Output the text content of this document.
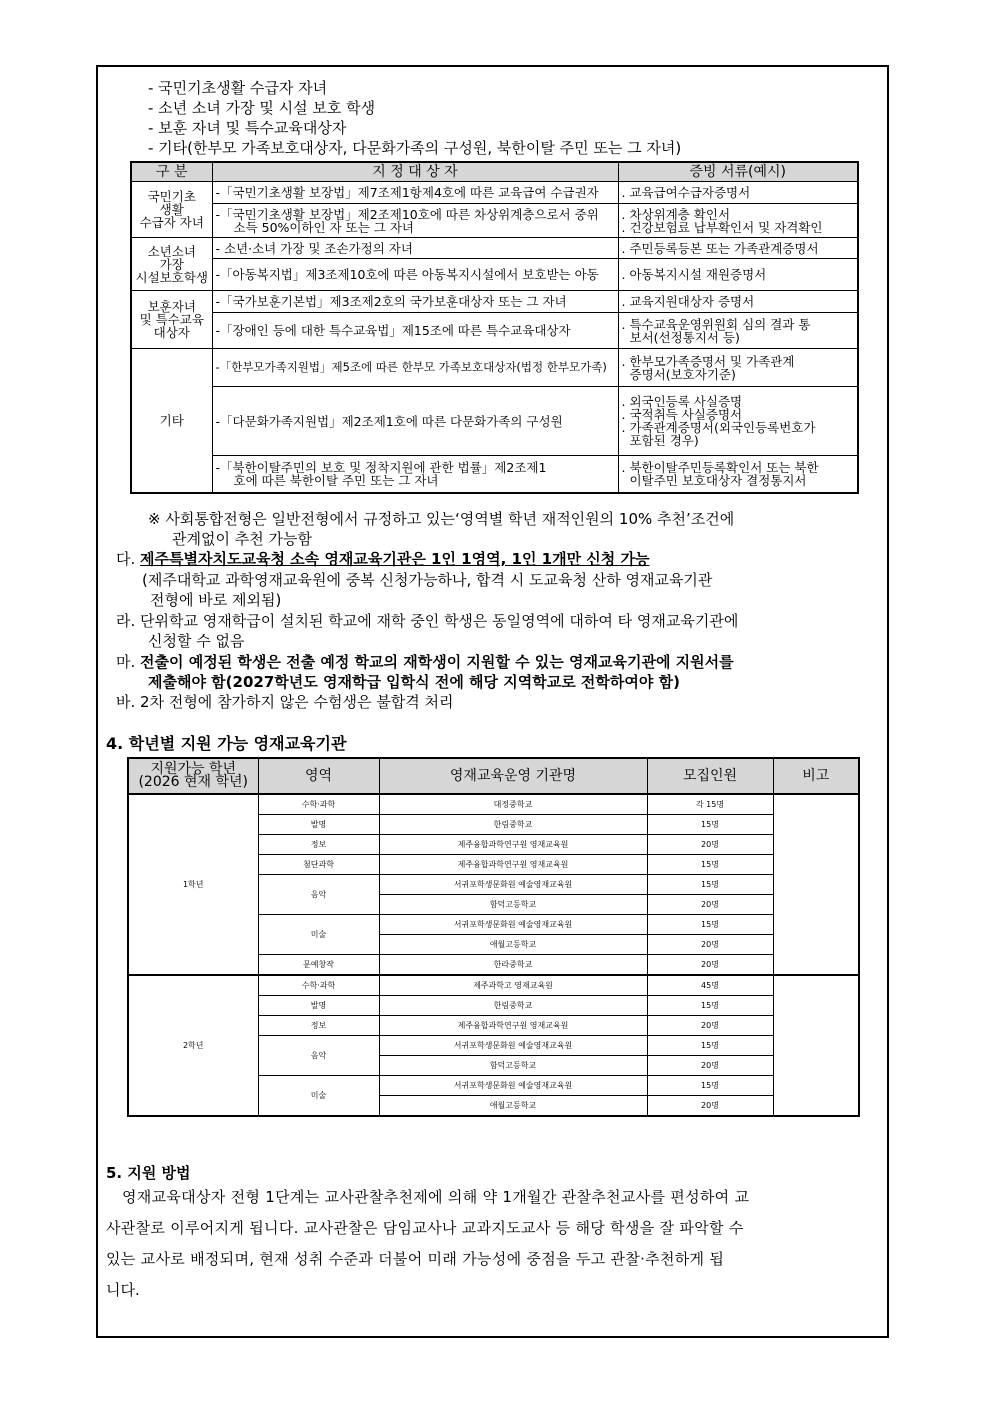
- 국민기초생활 수급자 자녀
- 소년 소녀 가장 및 시설 보호 학생
- 보훈 자녀 및 특수교육대상자
- 기타(한부모 가족보호대상자, 다문화가족의 구성원, 북한이탈 주민 또는 그 자녀)
구 분	지 정 대 상 자	증빙 서류(예시)

국민기초
생활
수급자 자녀	-「국민기초생활 보장법」제7조제1항제4호에 따른 교육급여 수급권자	. 교육급여수급자증명서

	-「국민기초생활 보장법」제2조제10호에 따른 차상위계층으로서 중위
소득 50%이하인 자 또는 그 자녀	. 차상위계층 확인서
. 건강보험료 납부확인서 및 자격확인

소년소녀
가장
시설보호학생	- 소년·소녀 가장 및 조손가정의 자녀	. 주민등록등본 또는 가족관계증명서

	-「아동복지법」제3조제10호에 따른 아동복지시설에서 보호받는 아동	. 아동복지시설 재원증명서

보훈자녀
및 특수교육
대상자	-「국가보훈기본법」제3조제2호의 국가보훈대상자 또는 그 자녀	. 교육지원대상자 증명서

	-「장애인 등에 대한 특수교육법」제15조에 따른 특수교육대상자	. 특수교육운영위원회 심의 결과 통
보서(선정통지서 등)

기타	-「한부모가족지원법」제5조에 따른 한부모 가족보호대상자(법정 한부모가족)	. 한부모가족증명서 및 가족관계
증명서(보호자기준)

	-「다문화가족지원법」제2조제1호에 따른 다문화가족의 구성원	. 외국인등록 사실증명
. 국적취득 사실증명서
. 가족관계증명서(외국인등록번호가
포함된 경우)

	-「북한이탈주민의 보호 및 정착지원에 관한 법률」제2조제1
호에 따른 북한이탈 주민 또는 그 자녀	. 북한이탈주민등록확인서 또는 북한
이탈주민 보호대상자 결정통지서
※ 사회통합전형은 일반전형에서 규정하고 있는‘영역별 학년 재적인원의 10% 추천’조건에
관계없이 추천 가능함
다. 제주특별자치도교육청 소속 영재교육기관은 1인 1영역, 1인 1개만 신청 가능
(제주대학교 과학영재교육원에 중복 신청가능하나, 합격 시 도교육청 산하 영재교육기관
전형에 바로 제외됨)
라. 단위학교 영재학급이 설치된 학교에 재학 중인 학생은 동일영역에 대하여 타 영재교육기관에
신청할 수 없음
마. 전출이 예정된 학생은 전출 예정 학교의 재학생이 지원할 수 있는 영재교육기관에 지원서를
제출해야 함(2027학년도 영재학급 입학식 전에 해당 지역학교로 전학하여야 함)
바. 2차 전형에 참가하지 않은 수험생은 불합격 처리
4. 학년별 지원 가능 영재교육기관
지원가능 학년
(2026 현재 학년)	영역	영재교육운영 기관명	모집인원	비고
1학년	수학·과학	대정중학교	각 15명	
	발명	한림중학교	15명	
	정보	제주융합과학연구원 영재교육원	20명	
	첨단과학	제주융합과학연구원 영재교육원	15명	
	음악	서귀포학생문화원 예술영재교육원	15명	
		함덕고등학교	20명	
	미술	서귀포학생문화원 예술영재교육원	15명	
		애월고등학교	20명	
	문예창작	한라중학교	20명	
2학년	수학·과학	제주과학고 영재교육원	45명	
	발명	한림중학교	15명	
	정보	제주융합과학연구원 영재교육원	20명	
	음악	서귀포학생문화원 예술영재교육원	15명	
		함덕고등학교	20명	
	미술	서귀포학생문화원 예술영재교육원	15명	
		애월고등학교	20명	
5. 지원 방법
영재교육대상자 전형 1단계는 교사관찰추천제에 의해 약 1개월간 관찰추천교사를 편성하여 교
사관찰로 이루어지게 됩니다. 교사관찰은 담임교사나 교과지도교사 등 해당 학생을 잘 파악할 수
있는 교사로 배정되며, 현재 성취 수준과 더불어 미래 가능성에 중점을 두고 관찰·추천하게 됩
니다.
